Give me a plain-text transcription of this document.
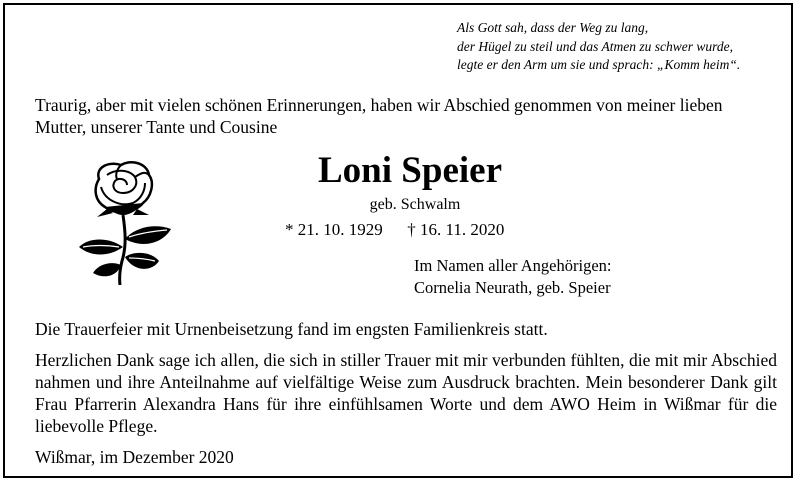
Als Gott sah, dass der Weg zu lang,
der Hügel zu steil und das Atmen zu schwer wurde,
legte er den Arm um sie und sprach: „Komm heim“.
Traurig, aber mit vielen schönen Erinnerungen, haben wir Abschied genommen von meiner lieben Mutter, unserer Tante und Cousine
Loni Speier
geb. Schwalm
* 21. 10. 1929 † 16. 11. 2020
Im Namen aller Angehörigen:
Cornelia Neurath, geb. Speier

Die Trauerfeier mit Urnenbeisetzung fand im engsten Familienkreis statt.

Herzlichen Dank sage ich allen, die sich in stiller Trauer mit mir verbunden fühlten, die mit mir Abschied nahmen und ihre Anteilnahme auf vielfältige Weise zum Ausdruck brachten. Mein besonderer Dank gilt Frau Pfarrerin Alexandra Hans für ihre einfühlsamen Worte und dem AWO Heim in Wißmar für die liebevolle Pflege.

Wißmar, im Dezember 2020
